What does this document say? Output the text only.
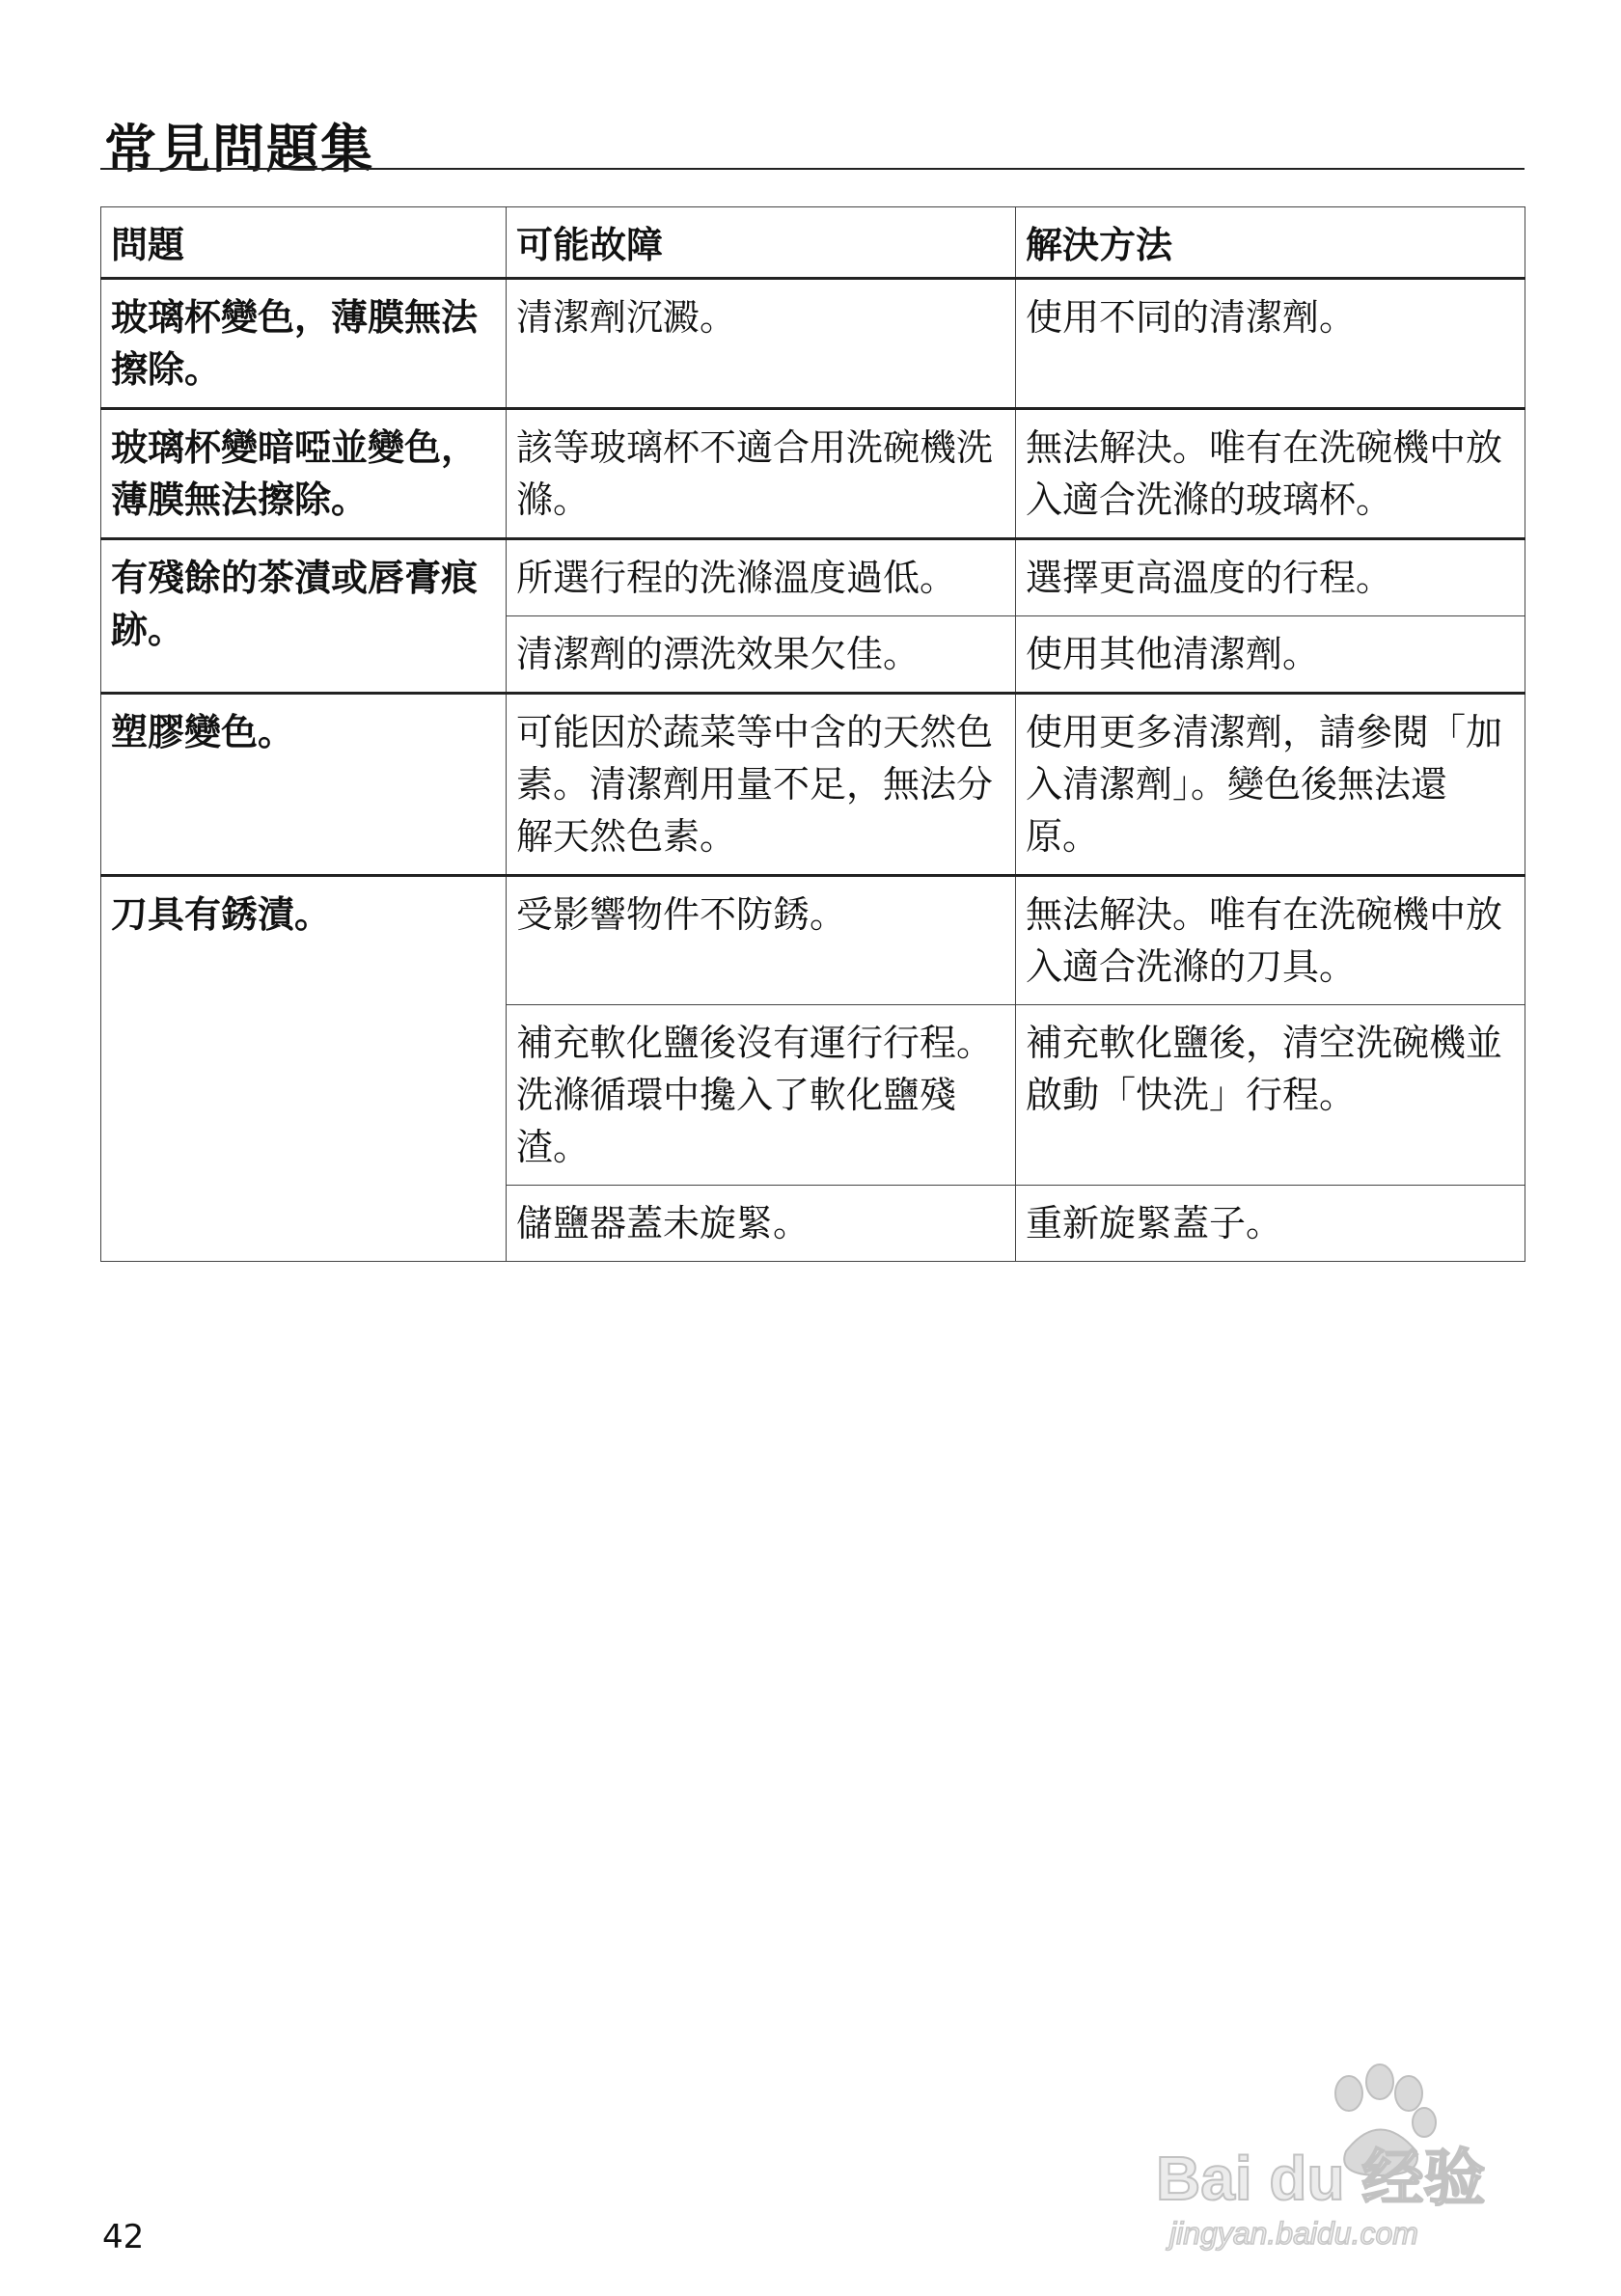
常見問題集
問題	可能故障	解決方法
玻璃杯變色，薄膜無法擦除。	清潔劑沉澱。	使用不同的清潔劑。
玻璃杯變暗啞並變色，薄膜無法擦除。	該等玻璃杯不適合用洗碗機洗滌。	無法解決。唯有在洗碗機中放入適合洗滌的玻璃杯。
有殘餘的茶漬或唇膏痕跡。	所選行程的洗滌溫度過低。	選擇更高溫度的行程。
	清潔劑的漂洗效果欠佳。	使用其他清潔劑。
塑膠變色。	可能因於蔬菜等中含的天然色素。清潔劑用量不足，無法分解天然色素。	使用更多清潔劑，請參閱「加入清潔劑」。變色後無法還原。
刀具有銹漬。	受影響物件不防銹。	無法解決。唯有在洗碗機中放入適合洗滌的刀具。
	補充軟化鹽後沒有運行行程。洗滌循環中攙入了軟化鹽殘渣。	補充軟化鹽後，清空洗碗機並啟動「快洗」行程。
	儲鹽器蓋未旋緊。	重新旋緊蓋子。
42
Bai du 经验
jingyan.baidu.com
